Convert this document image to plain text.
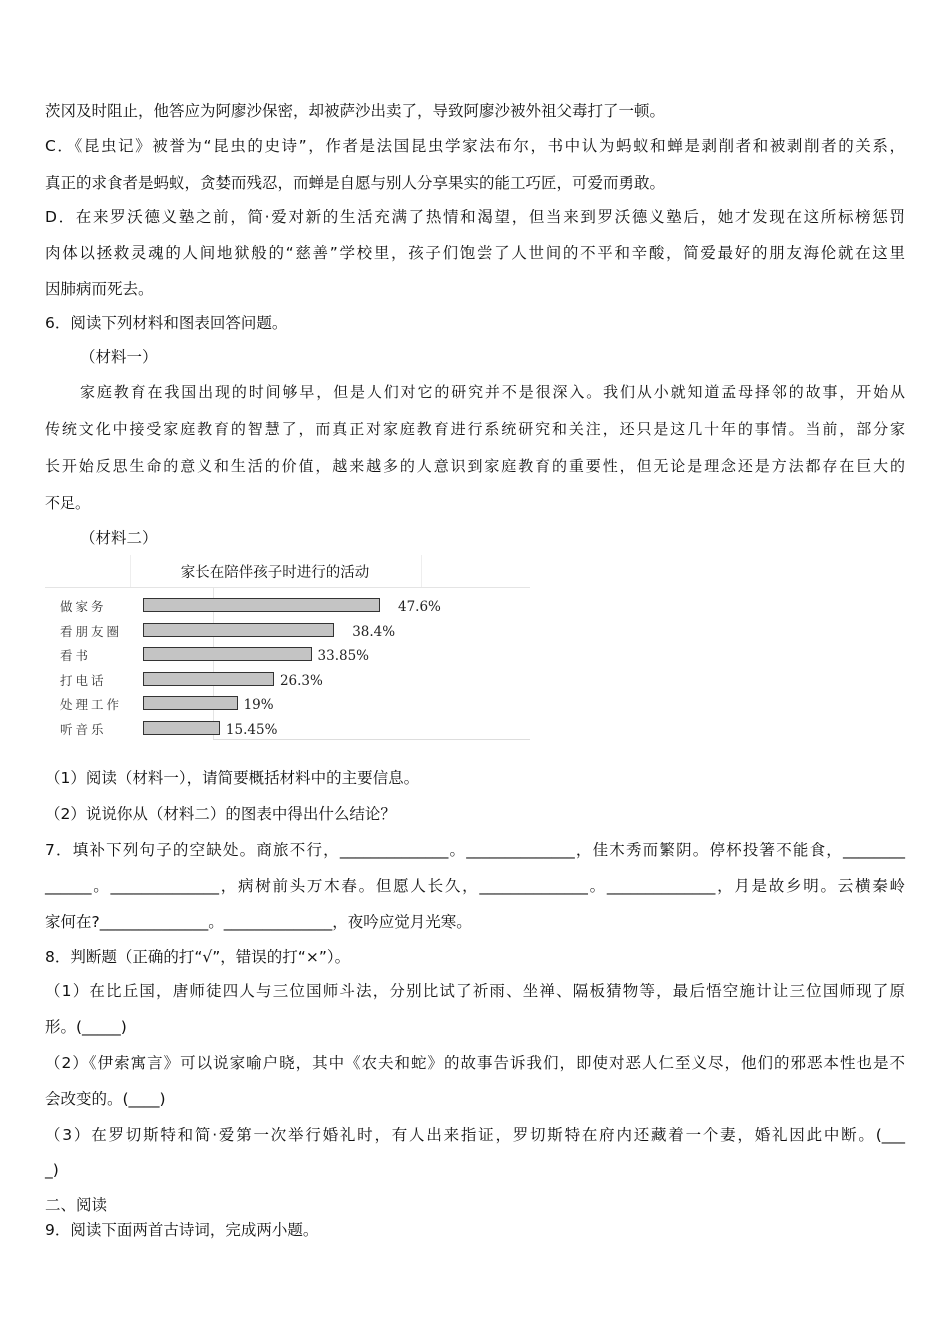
茨冈及时阻止，他答应为阿廖沙保密，却被萨沙出卖了，导致阿廖沙被外祖父毒打了一顿。
C．《昆虫记》被誉为“昆虫的史诗”，作者是法国昆虫学家法布尔，书中认为蚂蚁和蝉是剥削者和被剥削者的关系，
真正的求食者是蚂蚁，贪婪而残忍，而蝉是自愿与别人分享果实的能工巧匠，可爱而勇敢。
D．在来罗沃德义塾之前，简·爱对新的生活充满了热情和渴望，但当来到罗沃德义塾后，她才发现在这所标榜惩罚
肉体以拯救灵魂的人间地狱般的“慈善”学校里，孩子们饱尝了人世间的不平和辛酸，简爱最好的朋友海伦就在这里
因肺病而死去。
6．阅读下列材料和图表回答问题。
（材料一）
家庭教育在我国出现的时间够早，但是人们对它的研究并不是很深入。我们从小就知道孟母择邻的故事，开始从
传统文化中接受家庭教育的智慧了，而真正对家庭教育进行系统研究和关注，还只是这几十年的事情。当前，部分家
长开始反思生命的意义和生活的价值，越来越多的人意识到家庭教育的重要性，但无论是理念还是方法都存在巨大的
不足。
（材料二）
家长在陪伴孩子时进行的活动
做家务	47.6%
看朋友圈	38.4%
看书	33.85%
打电话	26.3%
处理工作	19%
听音乐	15.45%
（1）阅读（材料一），请简要概括材料中的主要信息。
（2）说说你从（材料二）的图表中得出什么结论？
7．填补下列句子的空缺处。商旅不行，______________。______________，佳木秀而繁阴。停杯投箸不能食，________
______。______________，病树前头万木春。但愿人长久，______________。______________，月是故乡明。云横秦岭
家何在?______________。______________，夜吟应觉月光寒。
8．判断题（正确的打“√”，错误的打“×”）。
（1）在比丘国，唐师徒四人与三位国师斗法，分别比试了祈雨、坐禅、隔板猜物等，最后悟空施计让三位国师现了原
形。(_____)
（2）《伊索寓言》可以说家喻户晓，其中《农夫和蛇》的故事告诉我们，即使对恶人仁至义尽，他们的邪恶本性也是不
会改变的。(____)
（3）在罗切斯特和简·爱第一次举行婚礼时，有人出来指证，罗切斯特在府内还藏着一个妻，婚礼因此中断。(___
_)
二、阅读
9．阅读下面两首古诗词，完成两小题。
